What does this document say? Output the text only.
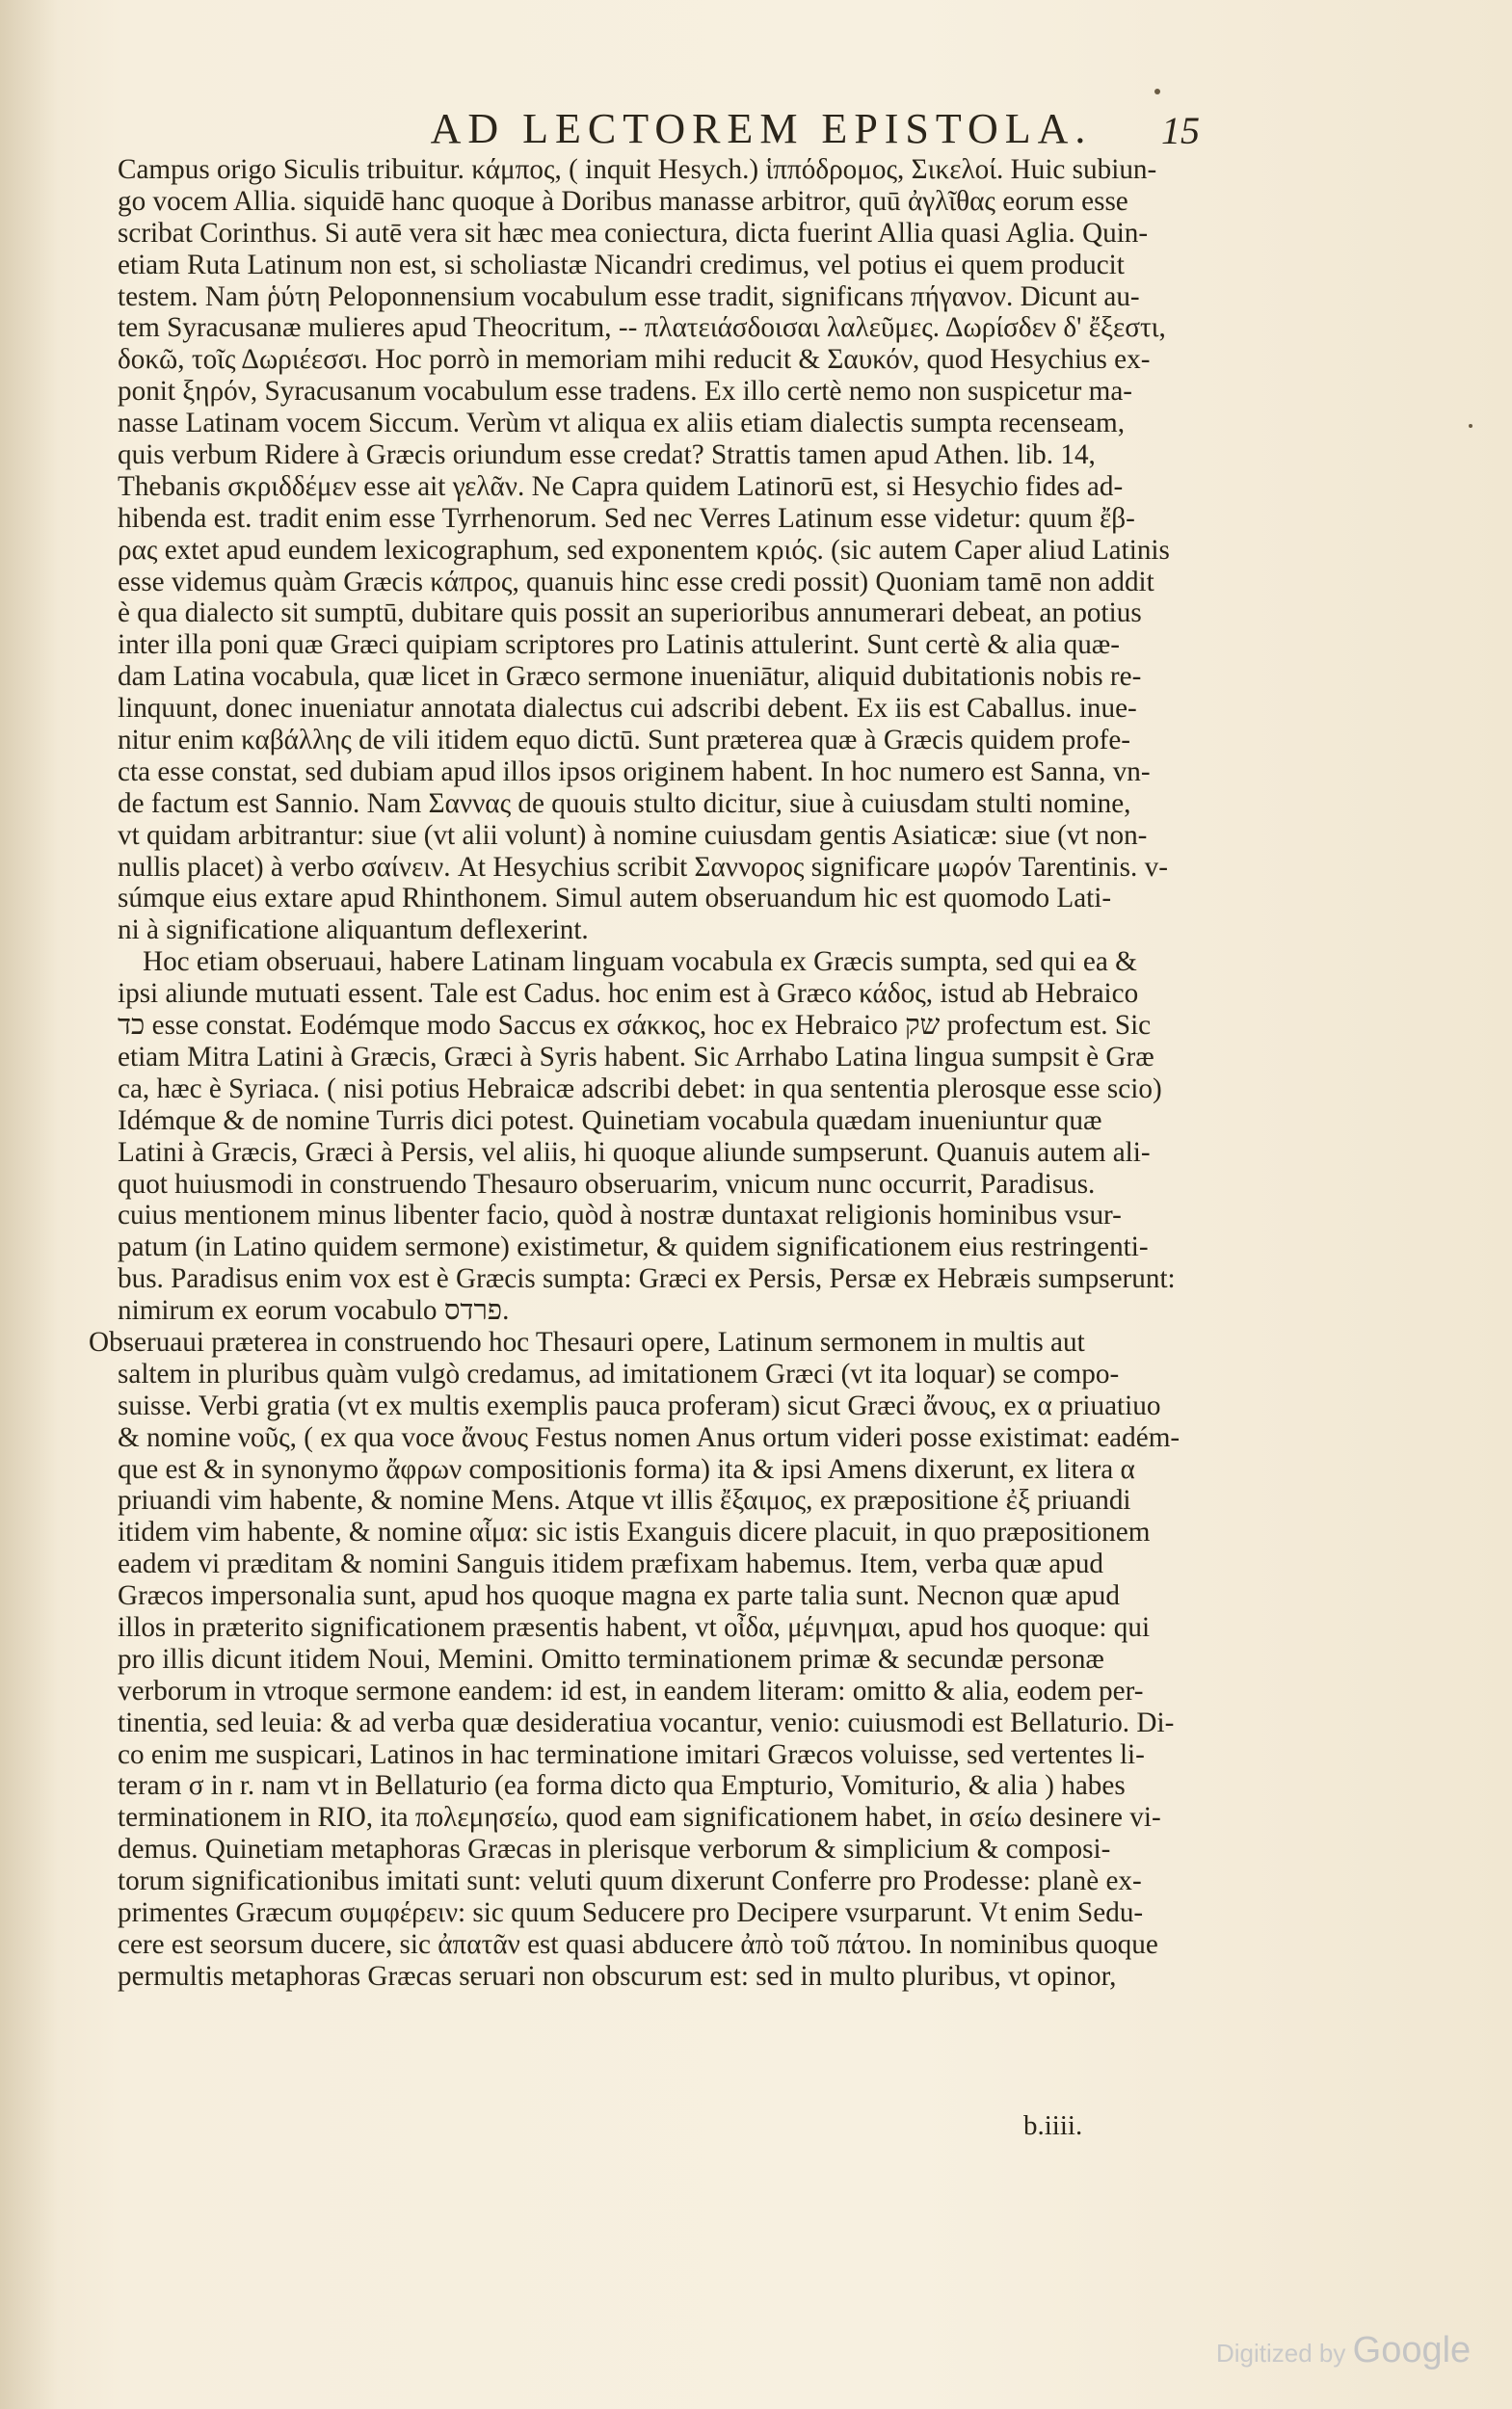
AD LECTOREM EPISTOLA.	15
Campus origo Siculis tribuitur. κάμπος, ( inquit Hesych.) ἱππόδρομος, Σικελοί. Huic subiun-
go vocem Allia. siquidē hanc quoque à Doribus manasse arbitror, quū ἀγλῖθας eorum esse
scribat Corinthus. Si autē vera sit hæc mea coniectura, dicta fuerint Allia quasi Aglia. Quin-
etiam Ruta Latinum non est, si scholiastæ Nicandri credimus, vel potius ei quem producit
testem. Nam ῥύτη Peloponnensium vocabulum esse tradit, significans πήγανον. Dicunt au-
tem Syracusanæ mulieres apud Theocritum, -- πλατειάσδοισαι λαλεῦμες. Δωρίσδεν δ' ἔξεστι,
δοκῶ, τοῖς Δωριέεσσι. Hoc porrò in memoriam mihi reducit & Σαυκόν, quod Hesychius ex-
ponit ξηρόν, Syracusanum vocabulum esse tradens. Ex illo certè nemo non suspicetur ma-
nasse Latinam vocem Siccum. Verùm vt aliqua ex aliis etiam dialectis sumpta recenseam,
quis verbum Ridere à Græcis oriundum esse credat? Strattis tamen apud Athen. lib. 14,
Thebanis σκριδδέμεν esse ait γελᾶν. Ne Capra quidem Latinorū est, si Hesychio fides ad-
hibenda est. tradit enim esse Tyrrhenorum. Sed nec Verres Latinum esse videtur: quum ἔβ-
ρας extet apud eundem lexicographum, sed exponentem κριός. (sic autem Caper aliud Latinis
esse videmus quàm Græcis κάπρος, quanuis hinc esse credi possit) Quoniam tamē non addit
è qua dialecto sit sumptū, dubitare quis possit an superioribus annumerari debeat, an potius
inter illa poni quæ Græci quipiam scriptores pro Latinis attulerint. Sunt certè & alia quæ-
dam Latina vocabula, quæ licet in Græco sermone inueniātur, aliquid dubitationis nobis re-
linquunt, donec inueniatur annotata dialectus cui adscribi debent. Ex iis est Caballus. inue-
nitur enim καβάλλης de vili itidem equo dictū. Sunt præterea quæ à Græcis quidem profe-
cta esse constat, sed dubiam apud illos ipsos originem habent. In hoc numero est Sanna, vn-
de factum est Sannio. Nam Σαννας de quouis stulto dicitur, siue à cuiusdam stulti nomine,
vt quidam arbitrantur: siue (vt alii volunt) à nomine cuiusdam gentis Asiaticæ: siue (vt non-
nullis placet) à verbo σαίνειν. At Hesychius scribit Σαννορος significare μωρόν Tarentinis. v-
súmque eius extare apud Rhinthonem. Simul autem obseruandum hic est quomodo Lati-
ni à significatione aliquantum deflexerint.
Hoc etiam obseruaui, habere Latinam linguam vocabula ex Græcis sumpta, sed qui ea &
ipsi aliunde mutuati essent. Tale est Cadus. hoc enim est à Græco κάδος, istud ab Hebraico
כד esse constat. Eodémque modo Saccus ex σάκκος, hoc ex Hebraico שק profectum est. Sic
etiam Mitra Latini à Græcis, Græci à Syris habent. Sic Arrhabo Latina lingua sumpsit è Græ
ca, hæc è Syriaca. ( nisi potius Hebraicæ adscribi debet: in qua sententia plerosque esse scio)
Idémque & de nomine Turris dici potest. Quinetiam vocabula quædam inueniuntur quæ
Latini à Græcis, Græci à Persis, vel aliis, hi quoque aliunde sumpserunt. Quanuis autem ali-
quot huiusmodi in construendo Thesauro obseruarim, vnicum nunc occurrit, Paradisus.
cuius mentionem minus libenter facio, quòd à nostræ duntaxat religionis hominibus vsur-
patum (in Latino quidem sermone) existimetur, & quidem significationem eius restringenti-
bus. Paradisus enim vox est è Græcis sumpta: Græci ex Persis, Persæ ex Hebræis sumpserunt:
nimirum ex eorum vocabulo פרדס.
Obseruaui præterea in construendo hoc Thesauri opere, Latinum sermonem in multis aut
saltem in pluribus quàm vulgò credamus, ad imitationem Græci (vt ita loquar) se compo-
suisse. Verbi gratia (vt ex multis exemplis pauca proferam) sicut Græci ἄνους, ex α priuatiuo
& nomine νοῦς, ( ex qua voce ἄνους Festus nomen Anus ortum videri posse existimat: eadém-
que est & in synonymo ἄφρων compositionis forma) ita & ipsi Amens dixerunt, ex litera α
priuandi vim habente, & nomine Mens. Atque vt illis ἔξαιμος, ex præpositione ἐξ priuandi
itidem vim habente, & nomine αἷμα: sic istis Exanguis dicere placuit, in quo præpositionem
eadem vi præditam & nomini Sanguis itidem præfixam habemus. Item, verba quæ apud
Græcos impersonalia sunt, apud hos quoque magna ex parte talia sunt. Necnon quæ apud
illos in præterito significationem præsentis habent, vt οἶδα, μέμνημαι, apud hos quoque: qui
pro illis dicunt itidem Noui, Memini. Omitto terminationem primæ & secundæ personæ
verborum in vtroque sermone eandem: id est, in eandem literam: omitto & alia, eodem per-
tinentia, sed leuia: & ad verba quæ desideratiua vocantur, venio: cuiusmodi est Bellaturio. Di-
co enim me suspicari, Latinos in hac terminatione imitari Græcos voluisse, sed vertentes li-
teram σ in r. nam vt in Bellaturio (ea forma dicto qua Empturio, Vomiturio, & alia ) habes
terminationem in RIO, ita πολεμησείω, quod eam significationem habet, in σείω desinere vi-
demus. Quinetiam metaphoras Græcas in plerisque verborum & simplicium & composi-
torum significationibus imitati sunt: veluti quum dixerunt Conferre pro Prodesse: planè ex-
primentes Græcum συμφέρειν: sic quum Seducere pro Decipere vsurparunt. Vt enim Sedu-
cere est seorsum ducere, sic ἀπατᾶν est quasi abducere ἀπὸ τοῦ πάτου. In nominibus quoque
permultis metaphoras Græcas seruari non obscurum est: sed in multo pluribus, vt opinor,
b.iiii.
Digitized by Google
